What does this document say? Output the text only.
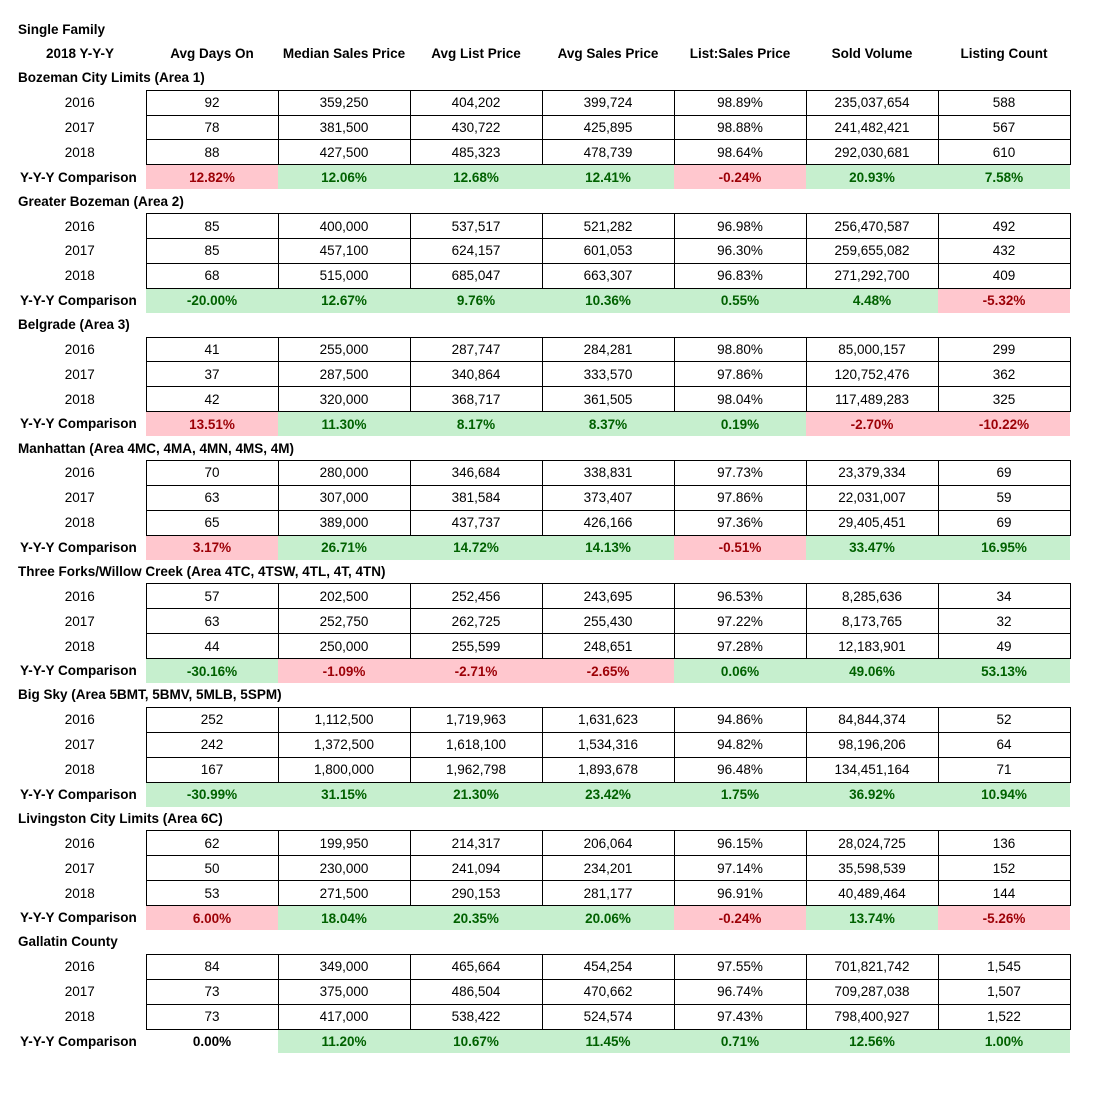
Single Family							
2018 Y-Y-Y	Avg Days On	Median Sales Price	Avg List Price	Avg Sales Price	List:Sales Price	Sold Volume	Listing Count
Bozeman City Limits (Area 1)							
2016	92	359,250	404,202	399,724	98.89%	235,037,654	588
2017	78	381,500	430,722	425,895	98.88%	241,482,421	567
2018	88	427,500	485,323	478,739	98.64%	292,030,681	610
Y-Y-Y Comparison	12.82%	12.06%	12.68%	12.41%	-0.24%	20.93%	7.58%
Greater Bozeman (Area 2)							
2016	85	400,000	537,517	521,282	96.98%	256,470,587	492
2017	85	457,100	624,157	601,053	96.30%	259,655,082	432
2018	68	515,000	685,047	663,307	96.83%	271,292,700	409
Y-Y-Y Comparison	-20.00%	12.67%	9.76%	10.36%	0.55%	4.48%	-5.32%
Belgrade (Area 3)							
2016	41	255,000	287,747	284,281	98.80%	85,000,157	299
2017	37	287,500	340,864	333,570	97.86%	120,752,476	362
2018	42	320,000	368,717	361,505	98.04%	117,489,283	325
Y-Y-Y Comparison	13.51%	11.30%	8.17%	8.37%	0.19%	-2.70%	-10.22%
Manhattan (Area 4MC, 4MA, 4MN, 4MS, 4M)							
2016	70	280,000	346,684	338,831	97.73%	23,379,334	69
2017	63	307,000	381,584	373,407	97.86%	22,031,007	59
2018	65	389,000	437,737	426,166	97.36%	29,405,451	69
Y-Y-Y Comparison	3.17%	26.71%	14.72%	14.13%	-0.51%	33.47%	16.95%
Three Forks/Willow Creek (Area 4TC, 4TSW, 4TL, 4T, 4TN)							
2016	57	202,500	252,456	243,695	96.53%	8,285,636	34
2017	63	252,750	262,725	255,430	97.22%	8,173,765	32
2018	44	250,000	255,599	248,651	97.28%	12,183,901	49
Y-Y-Y Comparison	-30.16%	-1.09%	-2.71%	-2.65%	0.06%	49.06%	53.13%
Big Sky (Area 5BMT, 5BMV, 5MLB, 5SPM)							
2016	252	1,112,500	1,719,963	1,631,623	94.86%	84,844,374	52
2017	242	1,372,500	1,618,100	1,534,316	94.82%	98,196,206	64
2018	167	1,800,000	1,962,798	1,893,678	96.48%	134,451,164	71
Y-Y-Y Comparison	-30.99%	31.15%	21.30%	23.42%	1.75%	36.92%	10.94%
Livingston City Limits (Area 6C)							
2016	62	199,950	214,317	206,064	96.15%	28,024,725	136
2017	50	230,000	241,094	234,201	97.14%	35,598,539	152
2018	53	271,500	290,153	281,177	96.91%	40,489,464	144
Y-Y-Y Comparison	6.00%	18.04%	20.35%	20.06%	-0.24%	13.74%	-5.26%
Gallatin County							
2016	84	349,000	465,664	454,254	97.55%	701,821,742	1,545
2017	73	375,000	486,504	470,662	96.74%	709,287,038	1,507
2018	73	417,000	538,422	524,574	97.43%	798,400,927	1,522
Y-Y-Y Comparison	0.00%	11.20%	10.67%	11.45%	0.71%	12.56%	1.00%
